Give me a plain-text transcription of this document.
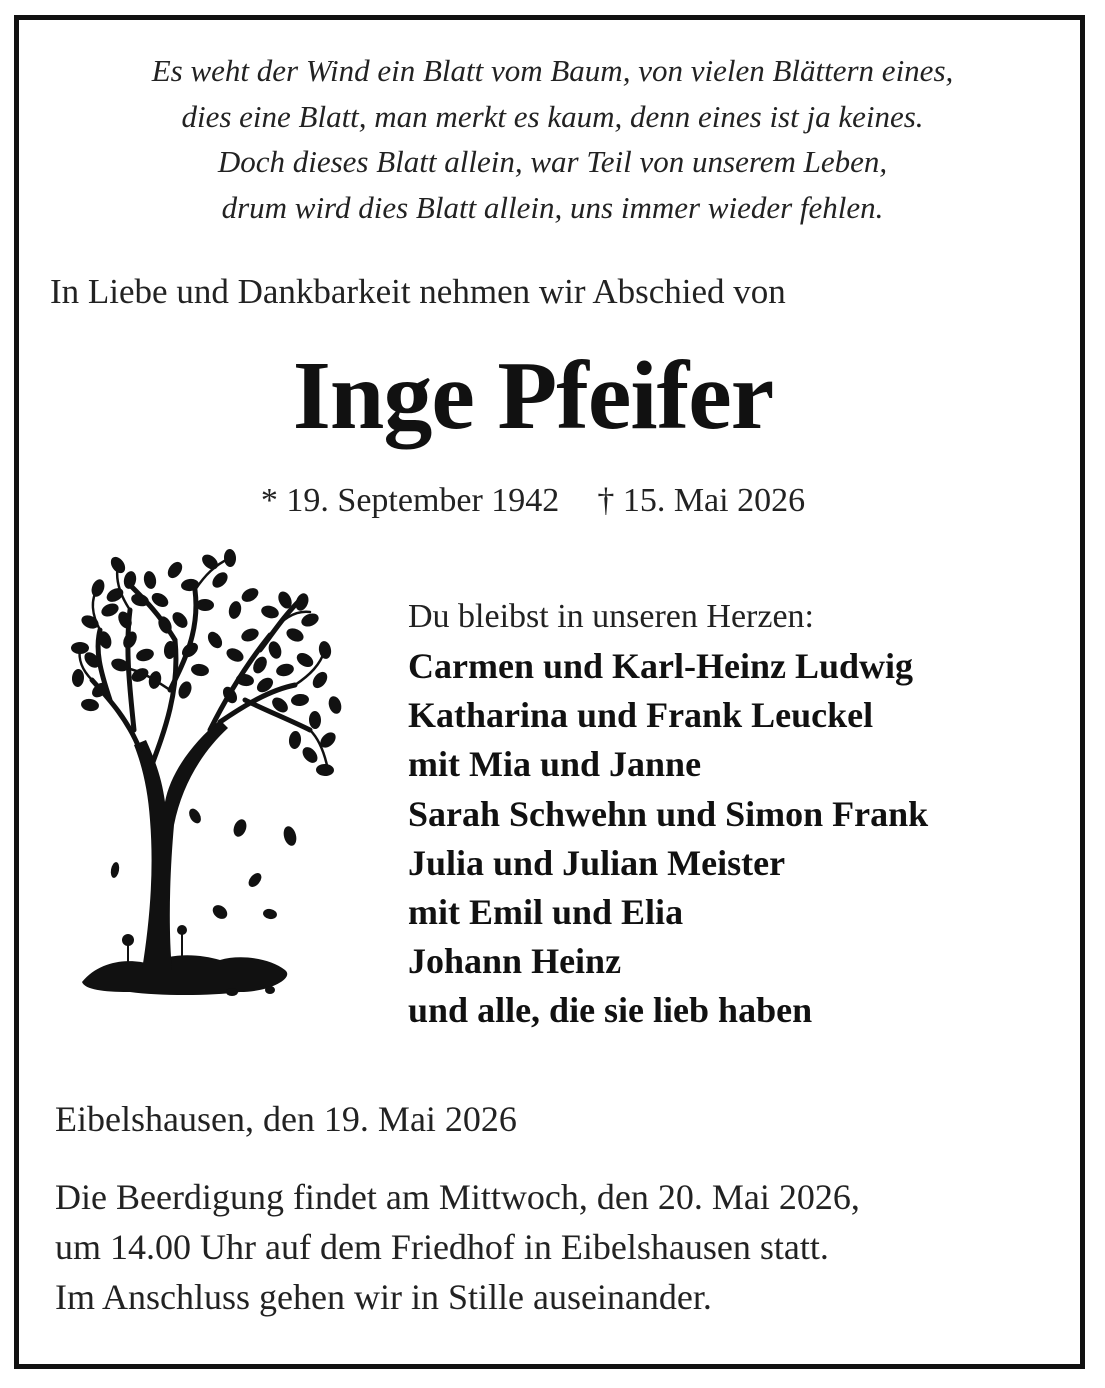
Es weht der Wind ein Blatt vom Baum, von vielen Blättern eines,
dies eine Blatt, man merkt es kaum, denn eines ist ja keines.
Doch dieses Blatt allein, war Teil von unserem Leben,
drum wird dies Blatt allein, uns immer wieder fehlen.
In Liebe und Dankbarkeit nehmen wir Abschied von
Inge Pfeifer
* 19. September 1942 † 15. Mai 2026
Du bleibst in unseren Herzen:
Carmen und Karl-Heinz Ludwig
Katharina und Frank Leuckel
mit Mia und Janne
Sarah Schwehn und Simon Frank
Julia und Julian Meister
mit Emil und Elia
Johann Heinz
und alle, die sie lieb haben
Eibelshausen, den 19. Mai 2026
Die Beerdigung findet am Mittwoch, den 20. Mai 2026,
um 14.00 Uhr auf dem Friedhof in Eibelshausen statt.
Im Anschluss gehen wir in Stille auseinander.
